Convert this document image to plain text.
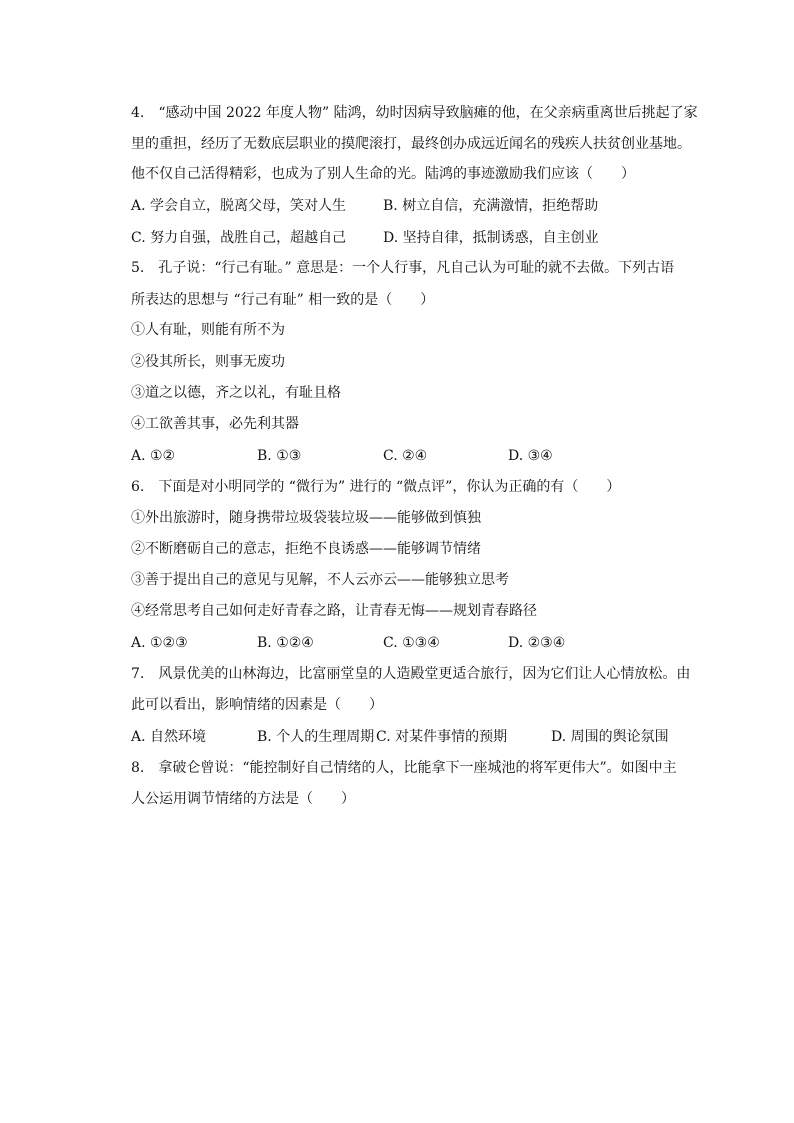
4.　“感动中国 2022 年度人物” 陆鸿，幼时因病导致脑瘫的他，在父亲病重离世后挑起了家
里的重担，经历了无数底层职业的摸爬滚打，最终创办成远近闻名的残疾人扶贫创业基地。
他不仅自己活得精彩，也成为了别人生命的光。陆鸿的事迹激励我们应该（　　）
A. 学会自立，脱离父母，笑对人生	B. 树立自信，充满激情，拒绝帮助
C. 努力自强，战胜自己，超越自己	D. 坚持自律，抵制诱惑，自主创业
5.　孔子说：“行己有耻。” 意思是：一个人行事，凡自己认为可耻的就不去做。下列古语
所表达的思想与 “行己有耻” 相一致的是（　　）
①人有耻，则能有所不为
②役其所长，则事无废功
③道之以德，齐之以礼，有耻且格
④工欲善其事，必先利其器
A. ①②	B. ①③	C. ②④	D. ③④
6.　下面是对小明同学的 “微行为” 进行的 “微点评”，你认为正确的有（　　）
①外出旅游时，随身携带垃圾袋装垃圾——能够做到慎独
②不断磨砺自己的意志，拒绝不良诱惑——能够调节情绪
③善于提出自己的意见与见解，不人云亦云——能够独立思考
④经常思考自己如何走好青春之路，让青春无悔——规划青春路径
A. ①②③	B. ①②④	C. ①③④	D. ②③④
7.　风景优美的山林海边，比富丽堂皇的人造殿堂更适合旅行，因为它们让人心情放松。由
此可以看出，影响情绪的因素是（　　）
A. 自然环境	B. 个人的生理周期 C. 对某件事情的预期	D. 周围的舆论氛围
8.　拿破仑曾说：“能控制好自己情绪的人，比能拿下一座城池的将军更伟大”。如图中主
人公运用调节情绪的方法是（　　）
